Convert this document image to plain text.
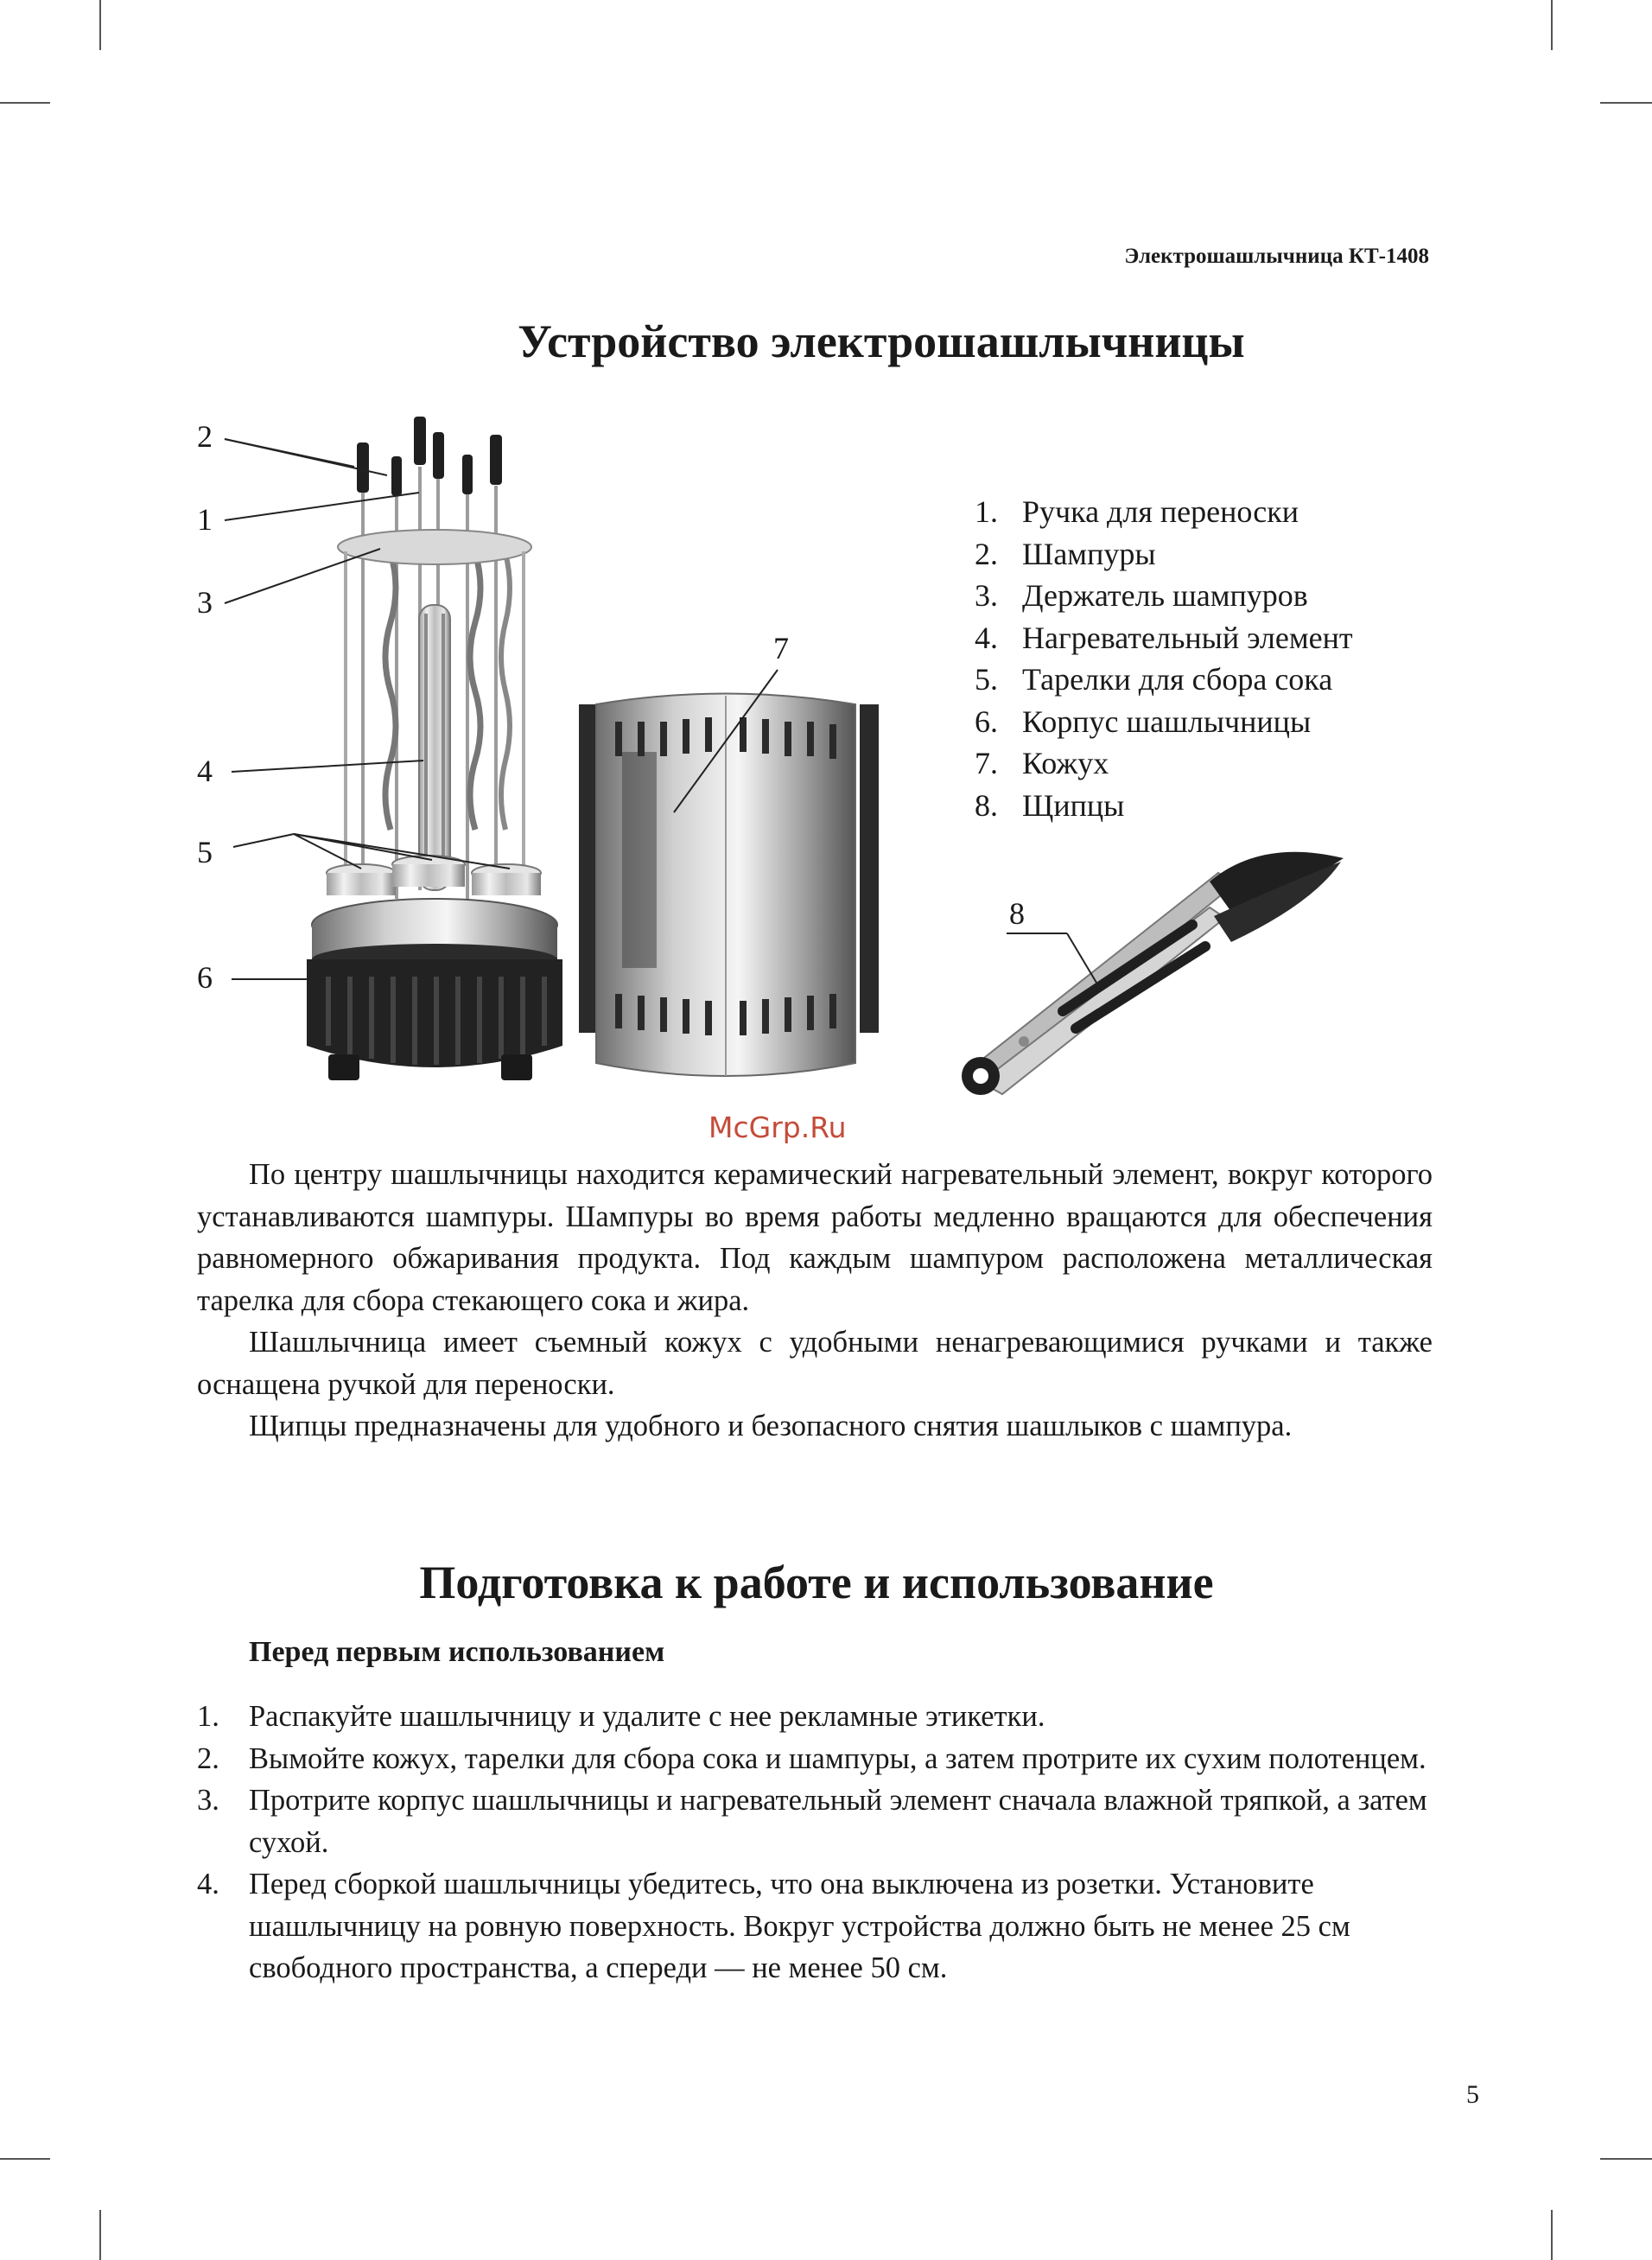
Электрошашлычница КТ-1408
Устройство электрошашлычницы
2
1
3
4
5
6
7
8
1. Ручка для переноски
2. Шампуры
3. Держатель шампуров
4. Нагревательный элемент
5. Тарелки для сбора сока
6. Корпус шашлычницы
7. Кожух
8. Щипцы
McGrp.Ru

По центру шашлычницы находится керамический нагревательный элемент, вокруг которого устанавливаются шампуры. Шампуры во время работы медленно вращаются для обеспечения равномерного обжаривания продукта. Под каждым шампуром расположена металлическая тарелка для сбора стекающего сока и жира.

Шашлычница имеет съемный кожух с удобными ненагревающимися ручками и также оснащена ручкой для переноски.

Щипцы предназначены для удобного и безопасного снятия шашлыков с шампура.

Подготовка к работе и использование
Перед первым использованием
1. Распакуйте шашлычницу и удалите с нее рекламные этикетки.
2. Вымойте кожух, тарелки для сбора сока и шампуры, а затем протрите их сухим полотенцем.
3. Протрите корпус шашлычницы и нагревательный элемент сначала влажной тряпкой, а затем сухой.
4. Перед сборкой шашлычницы убедитесь, что она выключена из розетки. Установите шашлычницу на ровную поверхность. Вокруг устройства должно быть не менее 25 см свободного пространства, а спереди — не менее 50 см.
5
